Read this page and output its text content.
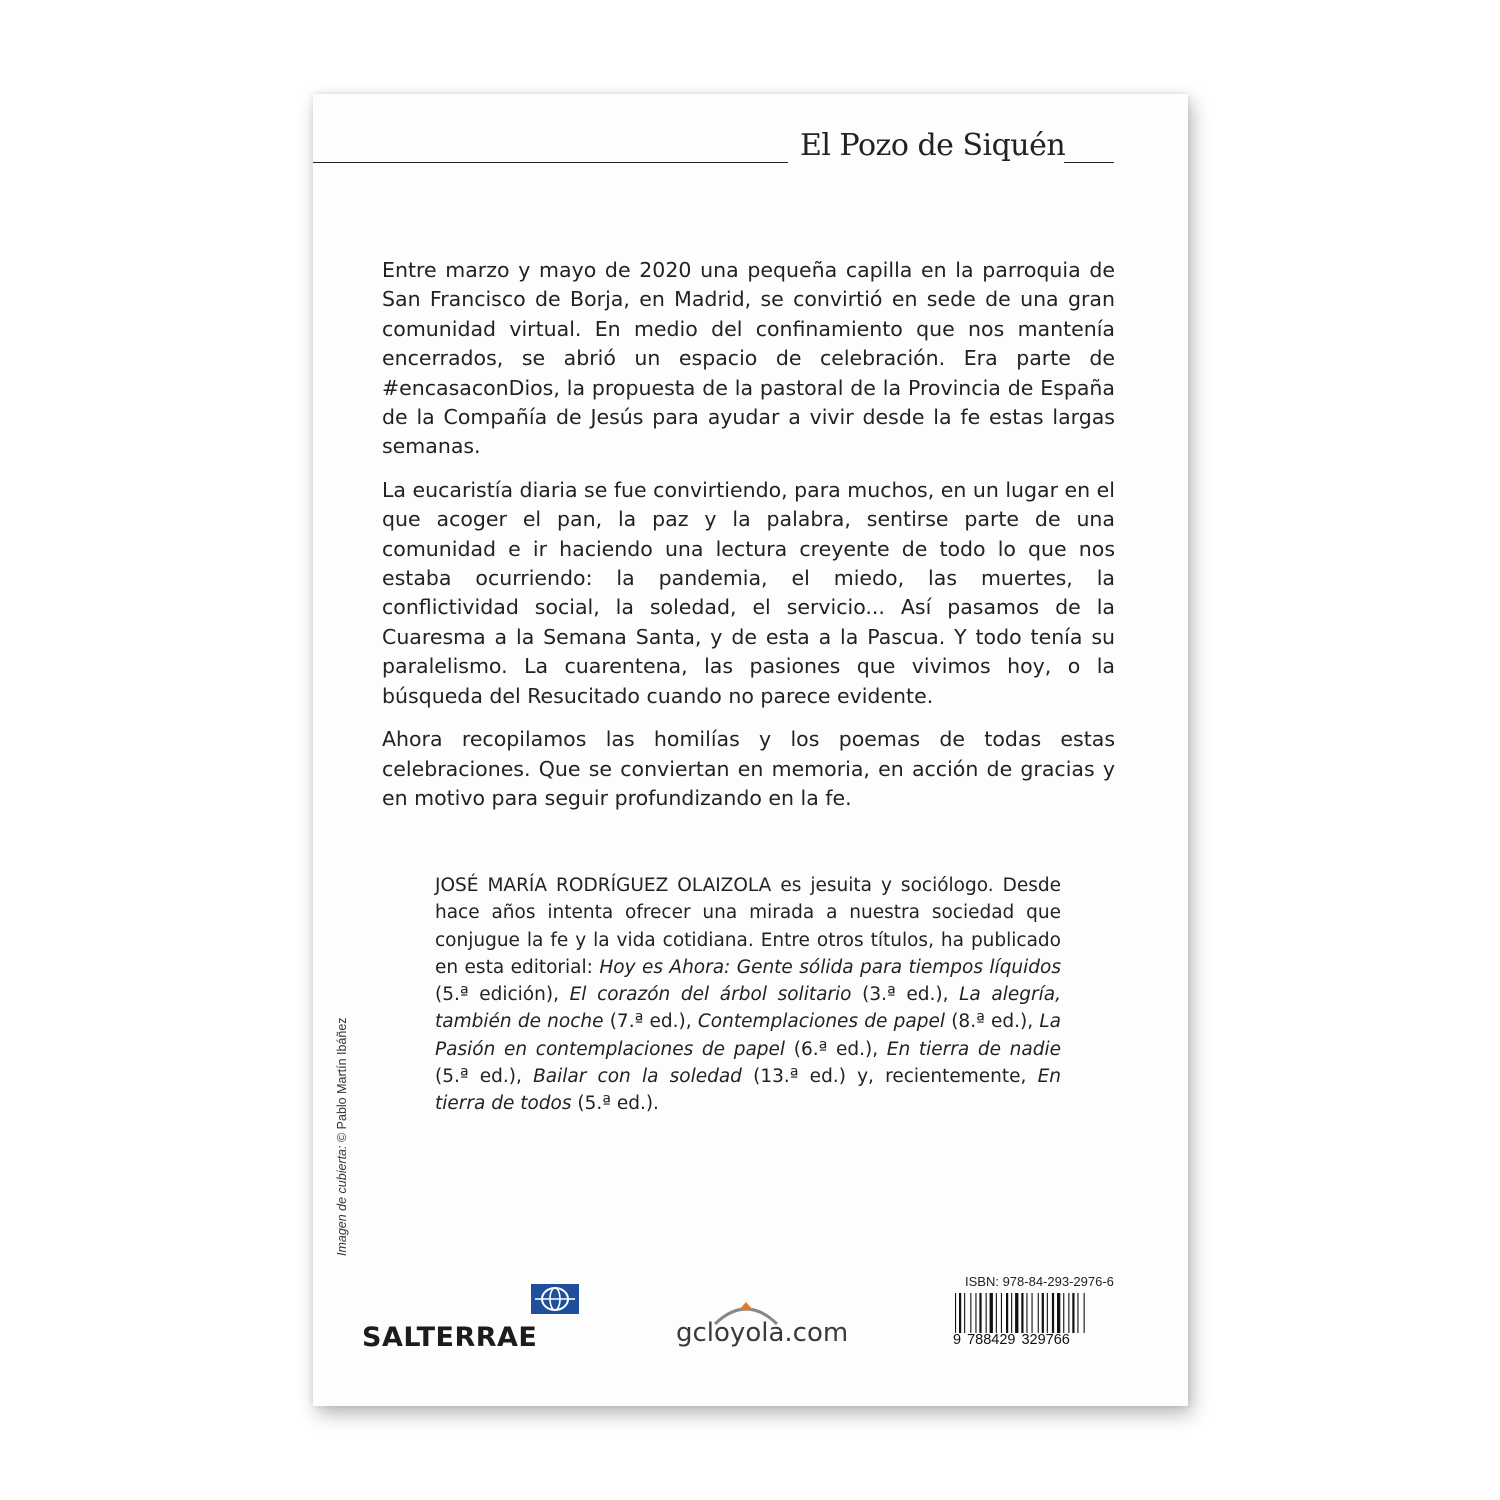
El Pozo de Siquén

Entre marzo y mayo de 2020 una pequeña capilla en la parroquia de San Francisco de Borja, en Madrid, se convirtió en sede de una gran comunidad virtual. En medio del confinamiento que nos mantenía encerrados, se abrió un espacio de celebración. Era parte de #encasaconDios, la propuesta de la pastoral de la Provincia de España de la Compañía de Jesús para ayudar a vivir desde la fe estas largas semanas.

La eucaristía diaria se fue convirtiendo, para muchos, en un lugar en el que acoger el pan, la paz y la palabra, sentirse parte de una comunidad e ir haciendo una lectura creyente de todo lo que nos estaba ocurriendo: la pandemia, el miedo, las muertes, la conflictividad social, la soledad, el servicio... Así pasamos de la Cuaresma a la Semana Santa, y de esta a la Pascua. Y todo tenía su paralelismo. La cuarentena, las pasiones que vivimos hoy, o la búsqueda del Resucitado cuando no parece evidente.

Ahora recopilamos las homilías y los poemas de todas estas celebraciones. Que se conviertan en memoria, en acción de gracias y en motivo para seguir profundizando en la fe.

JOSÉ MARÍA RODRÍGUEZ OLAIZOLA es jesuita y sociólogo. Desde hace años intenta ofrecer una mirada a nuestra sociedad que conjugue la fe y la vida cotidiana. Entre otros títulos, ha publicado en esta editorial: Hoy es Ahora: Gente sólida para tiempos líquidos (5.ª edición), El corazón del árbol solitario (3.ª ed.), La alegría, también de noche (7.ª ed.), Contemplaciones de papel (8.ª ed.), La Pasión en contemplaciones de papel (6.ª ed.), En tierra de nadie (5.ª ed.), Bailar con la soledad (13.ª ed.) y, recientemente, En tierra de todos (5.ª ed.).
Imagen de cubierta: © Pablo Martín Ibáñez
SALTERRAE	gcloyola.com
ISBN: 978-84-293-2976-6
9 788429 329766
